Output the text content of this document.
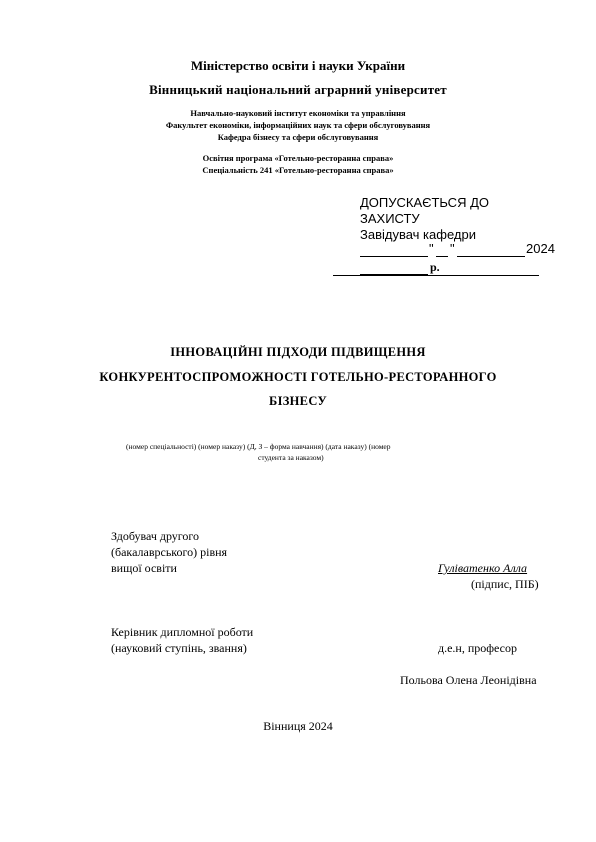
Міністерство освіти і науки України
Вінницький національний аграрний університет
Навчально-науковий інститут економіки та управління
Факультет економіки, інформаційних наук та сфери обслуговування
Кафедра бізнесу та сфери обслуговування
Освітня програма «Готельно-ресторанна справа»
Спеціальність 241 «Готельно-ресторанна справа»
ДОПУСКАЄТЬСЯ ДО
ЗАХИСТУ
Завідувач кафедри
" "	2024
р.
ІННОВАЦІЙНІ ПІДХОДИ ПІДВИЩЕННЯ
КОНКУРЕНТОСПРОМОЖНОСТІ ГОТЕЛЬНО-РЕСТОРАННОГО
БІЗНЕСУ
(номер спеціальності) (номер наказу) (Д, З – форма навчання) (дата наказу) (номер
студента за наказом)
Здобувач другого
(бакалаврського) рівня
вищої освіти	Гуліватенко Алла
(підпис, ПІБ)
Керівник дипломної роботи
(науковий ступінь, звання)	д.е.н, професор
Польова Олена Леонідівна
Вінниця 2024
